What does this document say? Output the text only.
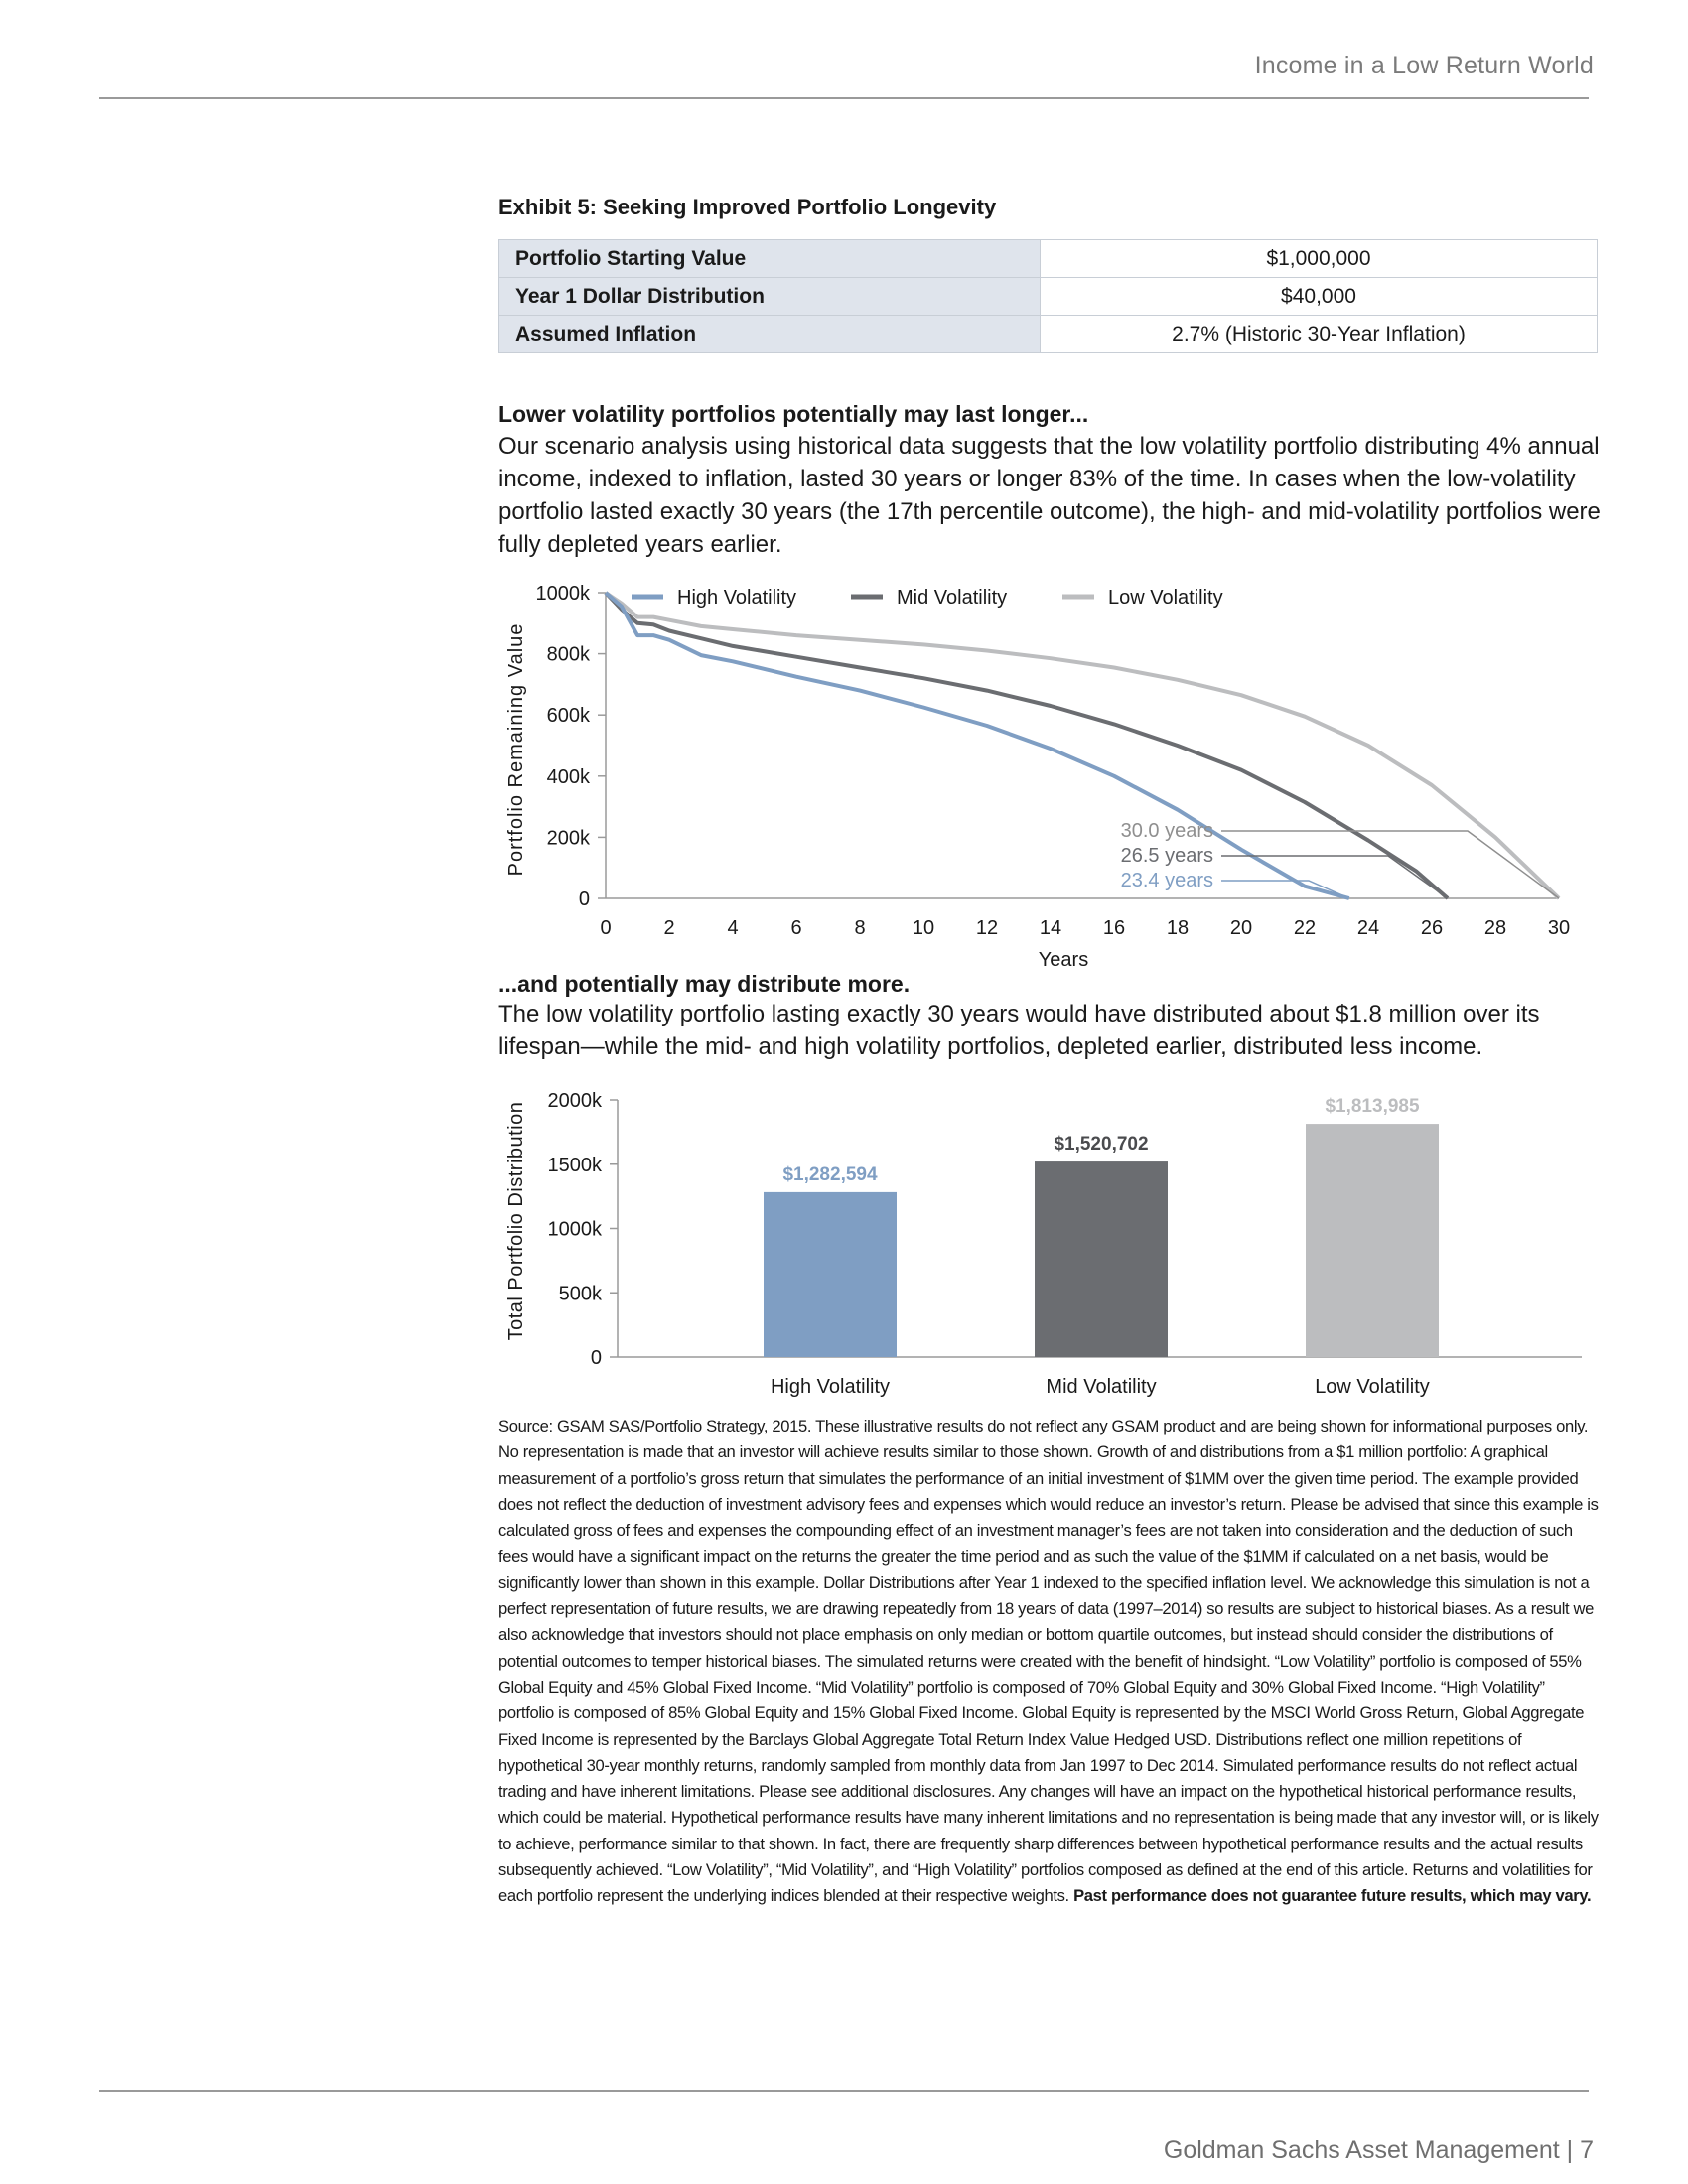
Income in a Low Return World
Exhibit 5: Seeking Improved Portfolio Longevity
Portfolio Starting Value	$1,000,000
Year 1 Dollar Distribution	$40,000
Assumed Inflation	2.7% (Historic 30-Year Inflation)
Lower volatility portfolios potentially may last longer...
Our scenario analysis using historical data suggests that the low volatility portfolio distributing 4% annual income, indexed to inflation, lasted 30 years or longer 83% of the time. In cases when the low-volatility portfolio lasted exactly 30 years (the 17th percentile outcome), the high- and mid-volatility portfolios were fully depleted years earlier.
0
200k
400k
600k
800k
1000k
0	2	4	6	8 10 12 14 16 18 20 22 24 26 28 30
High Volatility	Mid Volatility	Low Volatility
30.0 years
26.5 years
23.4 years
Portfolio Remaining Value
Years
...and potentially may distribute more.
The low volatility portfolio lasting exactly 30 years would have distributed about $1.8 million over its lifespan—while the mid- and high volatility portfolios, depleted earlier, distributed less income.
0
500k
1000k
1500k
2000k
$1,282,594
High Volatility
$1,520,702
Mid Volatility
$1,813,985
Low Volatility
Total Portfolio Distribution
Source: GSAM SAS/Portfolio Strategy, 2015. These illustrative results do not reflect any GSAM product and are being shown for informational purposes only. No representation is made that an investor will achieve results similar to those shown. Growth of and distributions from a $1 million portfolio: A graphical measurement of a portfolio’s gross return that simulates the performance of an initial investment of $1MM over the given time period. The example provided does not reflect the deduction of investment advisory fees and expenses which would reduce an investor’s return. Please be advised that since this example is calculated gross of fees and expenses the compounding effect of an investment manager’s fees are not taken into consideration and the deduction of such fees would have a significant impact on the returns the greater the time period and as such the value of the $1MM if calculated on a net basis, would be significantly lower than shown in this example. Dollar Distributions after Year 1 indexed to the specified inflation level. We acknowledge this simulation is not a perfect representation of future results, we are drawing repeatedly from 18 years of data (1997–2014) so results are subject to historical biases. As a result we also acknowledge that investors should not place emphasis on only median or bottom quartile outcomes, but instead should consider the distributions of potential outcomes to temper historical biases. The simulated returns were created with the benefit of hindsight. “Low Volatility” portfolio is composed of 55% Global Equity and 45% Global Fixed Income. “Mid Volatility” portfolio is composed of 70% Global Equity and 30% Global Fixed Income. “High Volatility” portfolio is composed of 85% Global Equity and 15% Global Fixed Income. Global Equity is represented by the MSCI World Gross Return, Global Aggregate Fixed Income is represented by the Barclays Global Aggregate Total Return Index Value Hedged USD. Distributions reflect one million repetitions of hypothetical 30-year monthly returns, randomly sampled from monthly data from Jan 1997 to Dec 2014. Simulated performance results do not reflect actual trading and have inherent limitations. Please see additional disclosures. Any changes will have an impact on the hypothetical historical performance results, which could be material. Hypothetical performance results have many inherent limitations and no representation is being made that any investor will, or is likely to achieve, performance similar to that shown. In fact, there are frequently sharp differences between hypothetical performance results and the actual results subsequently achieved. “Low Volatility”, “Mid Volatility”, and “High Volatility” portfolios composed as defined at the end of this article. Returns and volatilities for each portfolio represent the underlying indices blended at their respective weights. Past performance does not guarantee future results, which may vary.
Goldman Sachs Asset Management | 7
